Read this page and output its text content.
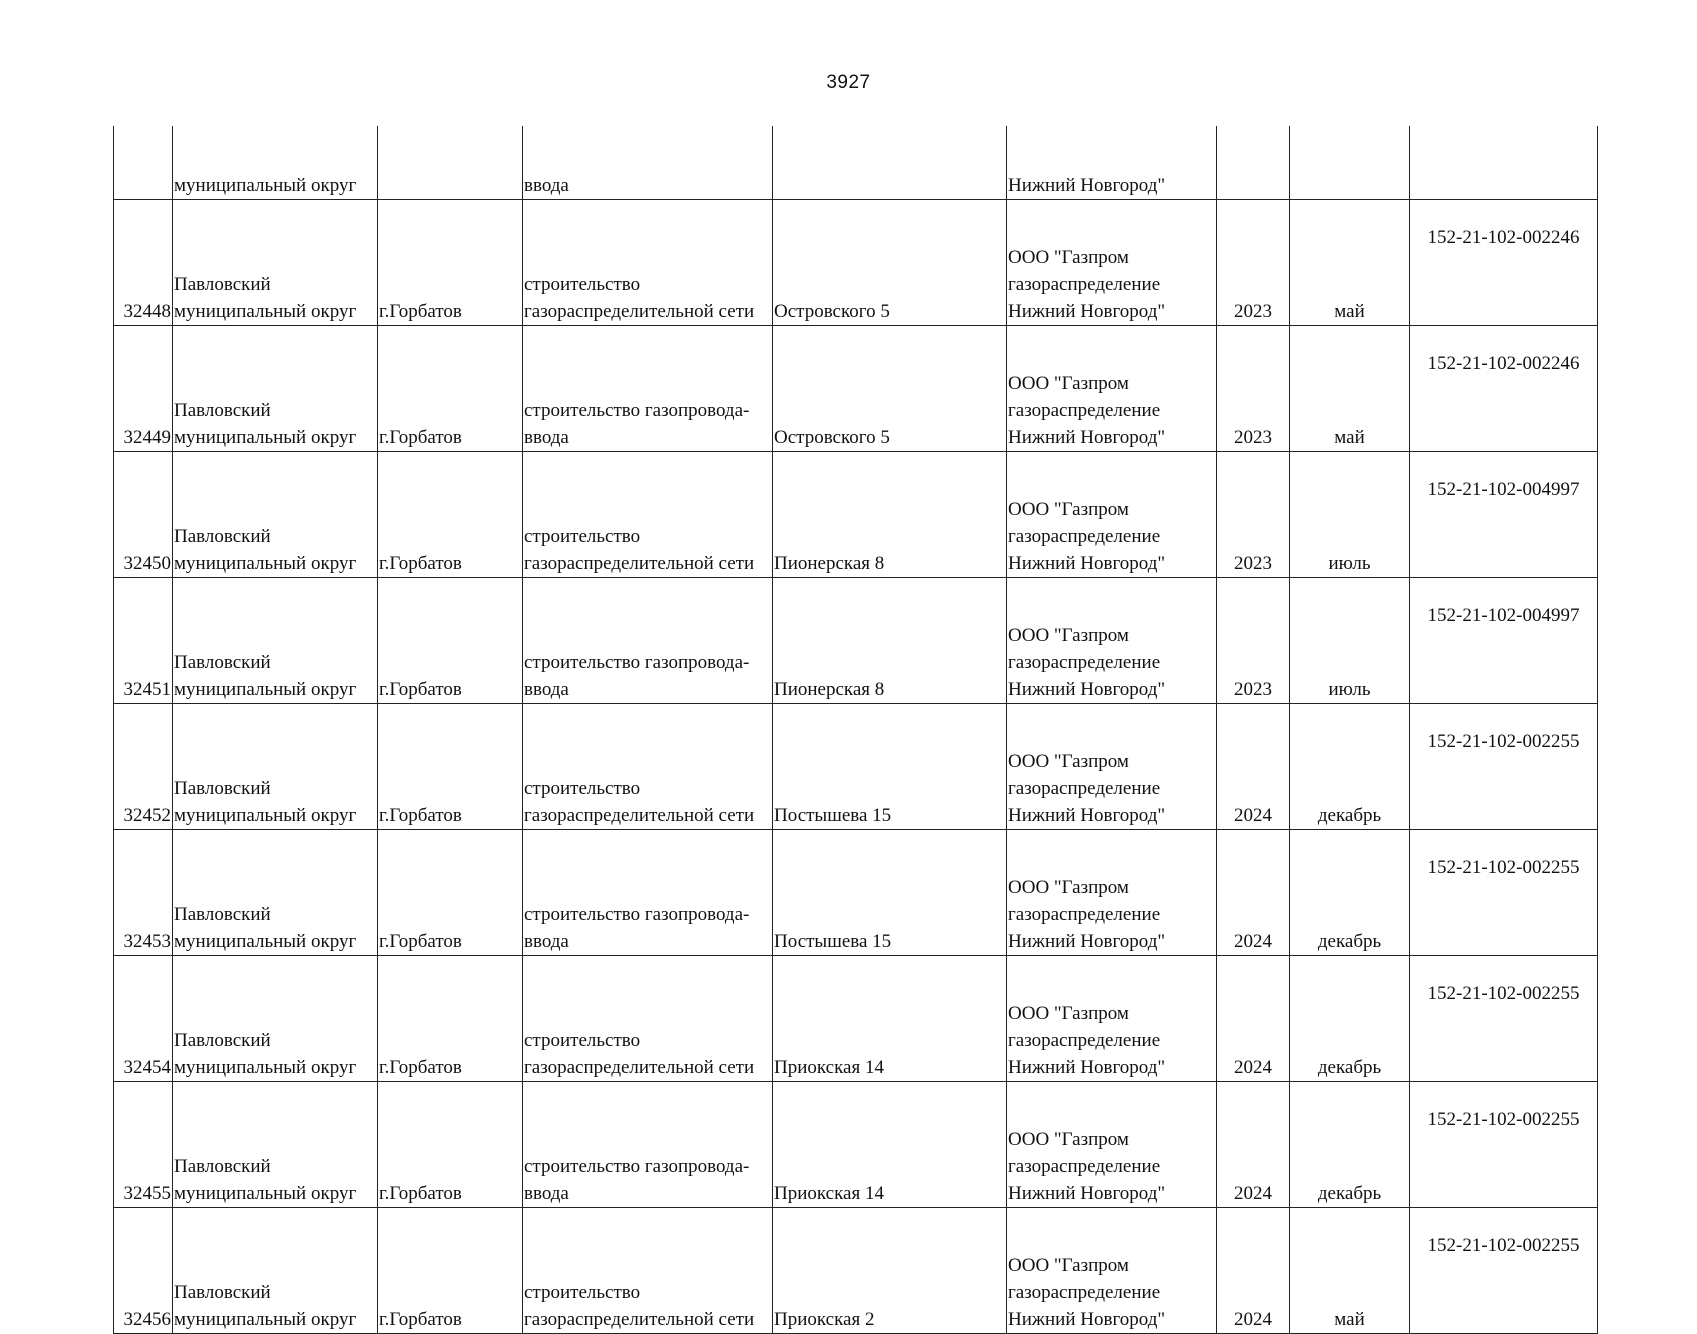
3927

	муниципальный округ		ввода		Нижний Новгород"			

32448	Павловский
муниципальный округ	г.Горбатов	строительство
газораспределительной сети	Островского 5	ООО "Газпром
газораспределение
Нижний Новгород"	2023	май	152-21-102-002246
32449	Павловский
муниципальный округ	г.Горбатов	строительство газопровода-
ввода	Островского 5	ООО "Газпром
газораспределение
Нижний Новгород"	2023	май	152-21-102-002246
32450	Павловский
муниципальный округ	г.Горбатов	строительство
газораспределительной сети	Пионерская 8	ООО "Газпром
газораспределение
Нижний Новгород"	2023	июль	152-21-102-004997
32451	Павловский
муниципальный округ	г.Горбатов	строительство газопровода-
ввода	Пионерская 8	ООО "Газпром
газораспределение
Нижний Новгород"	2023	июль	152-21-102-004997
32452	Павловский
муниципальный округ	г.Горбатов	строительство
газораспределительной сети	Постышева 15	ООО "Газпром
газораспределение
Нижний Новгород"	2024	декабрь	152-21-102-002255
32453	Павловский
муниципальный округ	г.Горбатов	строительство газопровода-
ввода	Постышева 15	ООО "Газпром
газораспределение
Нижний Новгород"	2024	декабрь	152-21-102-002255
32454	Павловский
муниципальный округ	г.Горбатов	строительство
газораспределительной сети	Приокская 14	ООО "Газпром
газораспределение
Нижний Новгород"	2024	декабрь	152-21-102-002255
32455	Павловский
муниципальный округ	г.Горбатов	строительство газопровода-
ввода	Приокская 14	ООО "Газпром
газораспределение
Нижний Новгород"	2024	декабрь	152-21-102-002255
32456	Павловский
муниципальный округ	г.Горбатов	строительство
газораспределительной сети	Приокская 2	ООО "Газпром
газораспределение
Нижний Новгород"	2024	май	152-21-102-002255
